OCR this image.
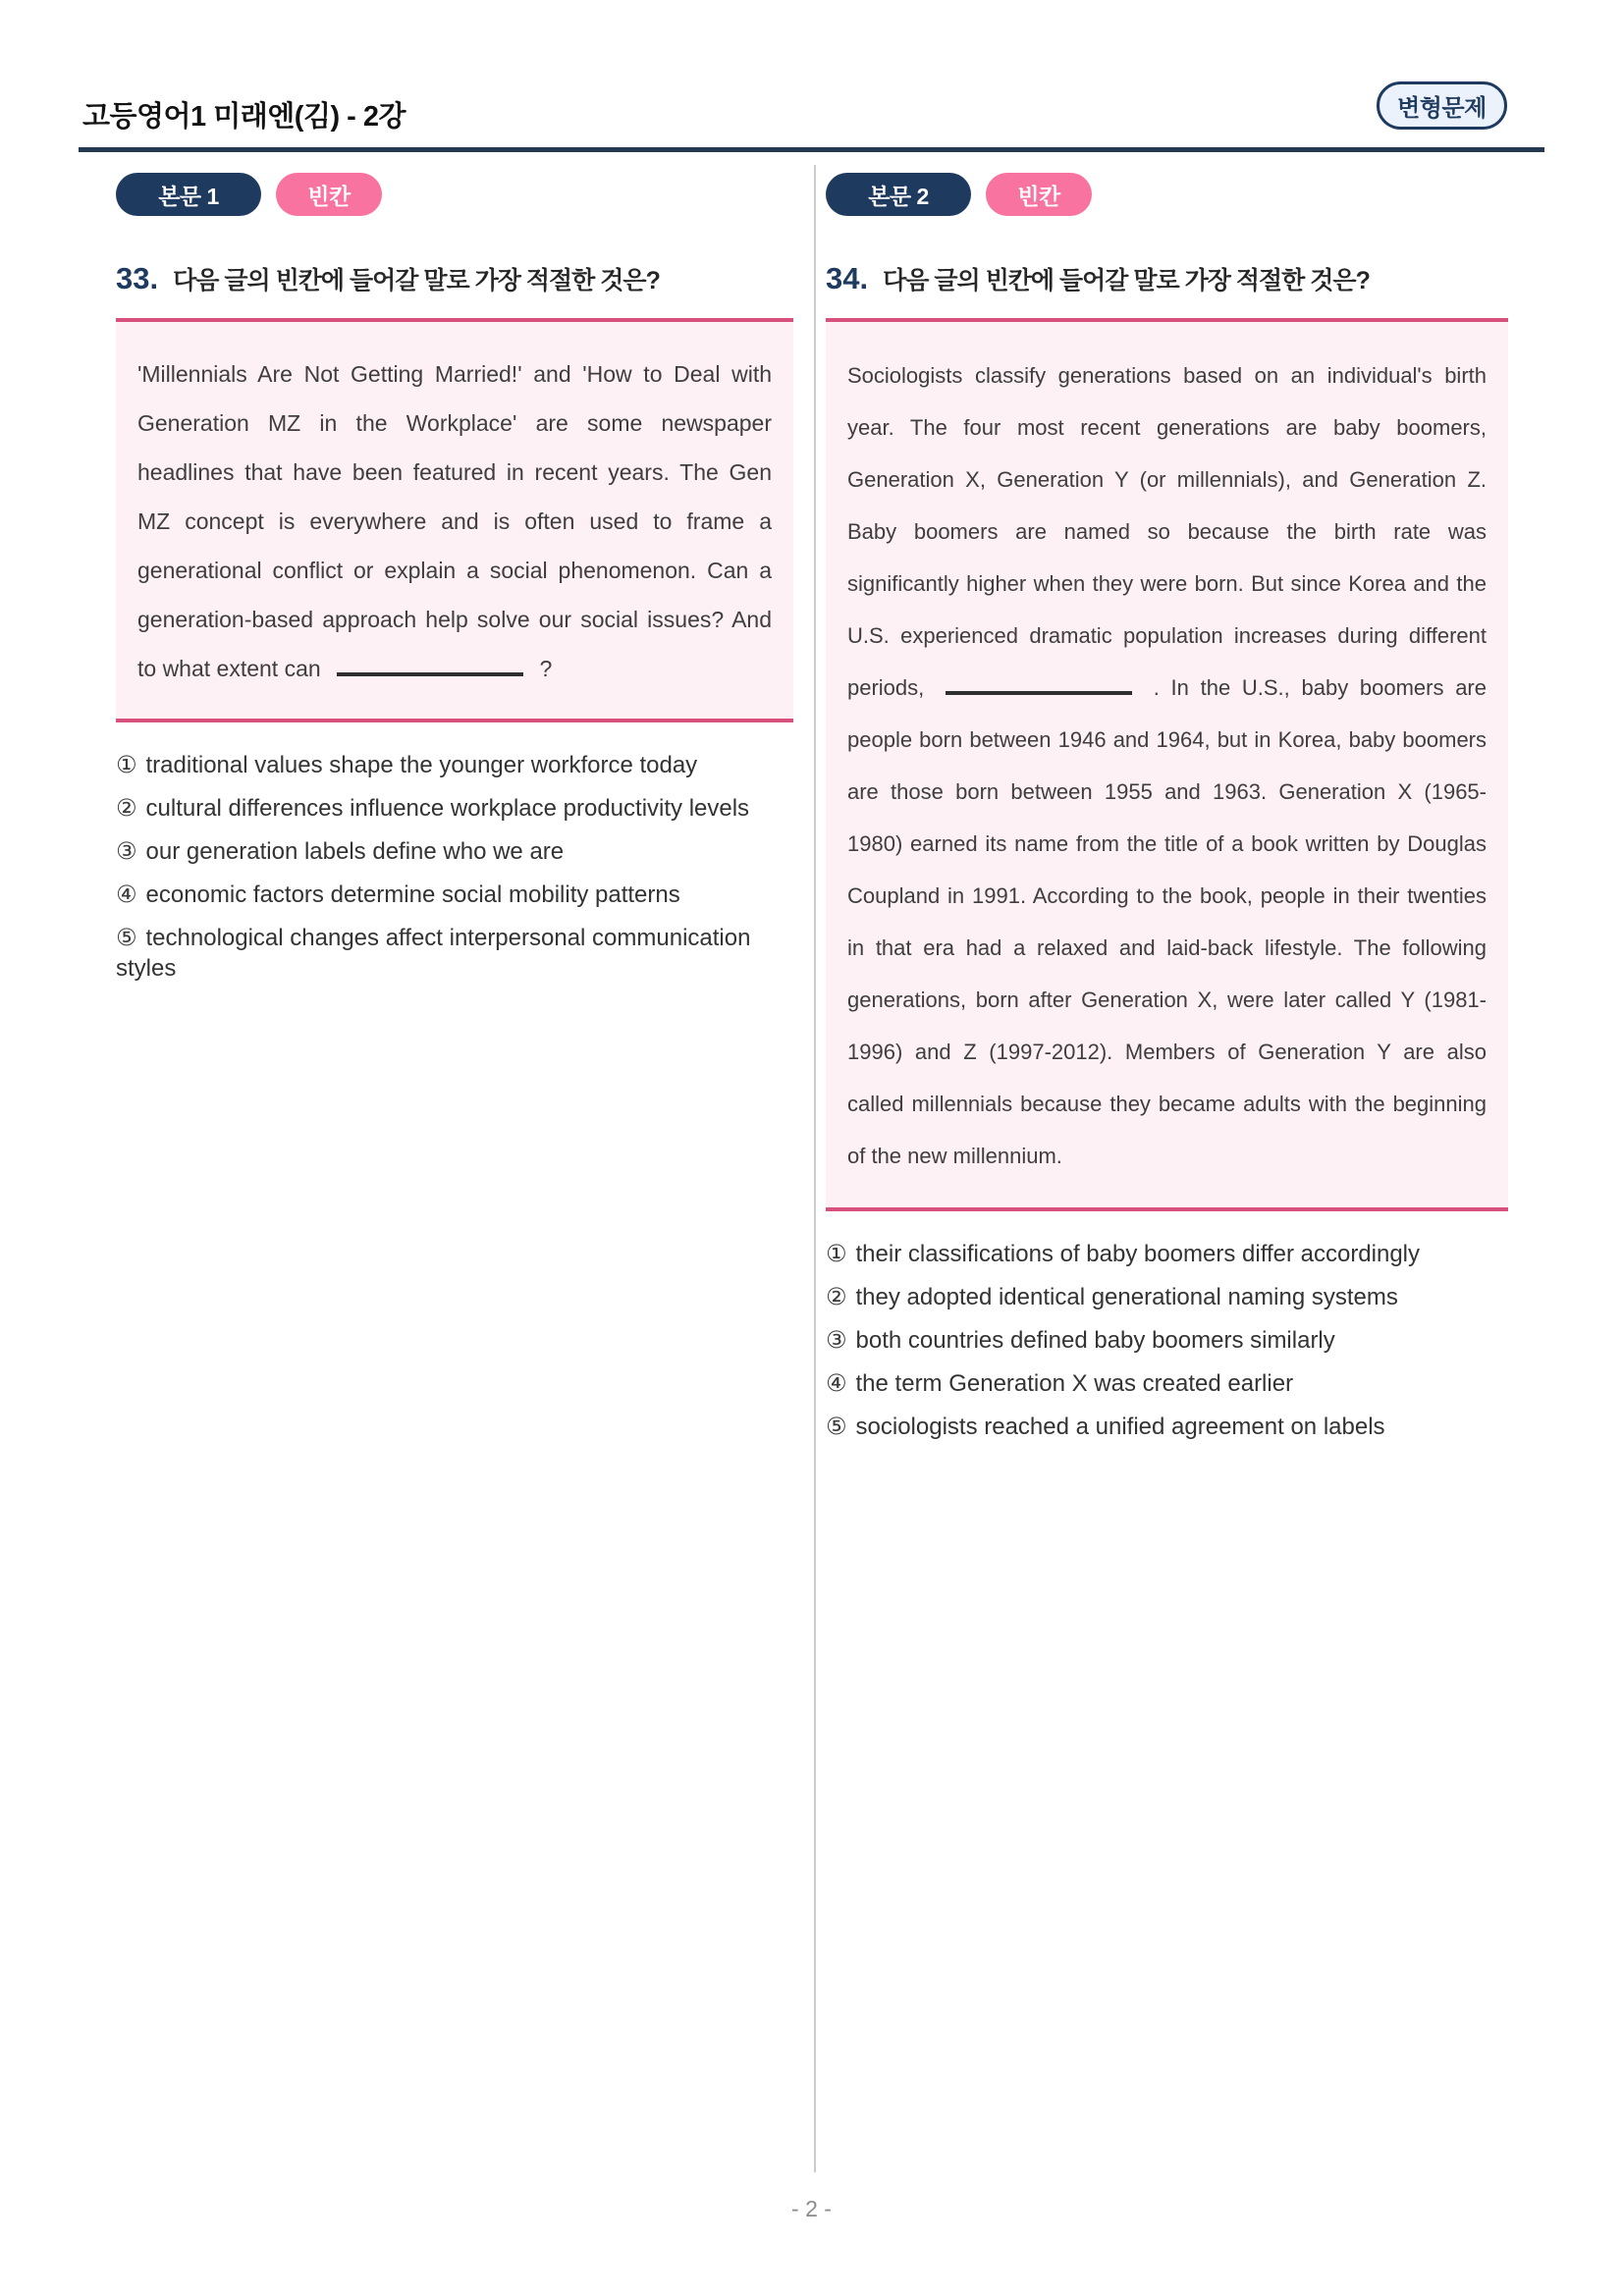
고등영어1 미래엔(김) - 2강	변형문제
본문 1	빈칸
33. 다음 글의 빈칸에 들어갈 말로 가장 적절한 것은?
'Millennials Are Not Getting Married!' and 'How to Deal with Generation MZ in the Workplace' are some newspaper headlines that have been featured in recent years. The Gen MZ concept is everywhere and is often used to frame a generational conflict or explain a social phenomenon. Can a generation-based approach help solve our social issues? And to what extent can	?
① traditional values shape the younger workforce today
② cultural differences influence workplace productivity levels
③ our generation labels define who we are
④ economic factors determine social mobility patterns
⑤ technological changes affect interpersonal communication styles
본문 2	빈칸
34. 다음 글의 빈칸에 들어갈 말로 가장 적절한 것은?
Sociologists classify generations based on an individual's birth year. The four most recent generations are baby boomers, Generation X, Generation Y (or millennials), and Generation Z. Baby boomers are named so because the birth rate was significantly higher when they were born. But since Korea and the U.S. experienced dramatic population increases during different periods,	. In the U.S., baby boomers are people born between 1946 and 1964, but in Korea, baby boomers are those born between 1955 and 1963. Generation X (1965-1980) earned its name from the title of a book written by Douglas Coupland in 1991. According to the book, people in their twenties in that era had a relaxed and laid-back lifestyle. The following generations, born after Generation X, were later called Y (1981-1996) and Z (1997-2012). Members of Generation Y are also called millennials because they became adults with the beginning of the new millennium.
① their classifications of baby boomers differ accordingly
② they adopted identical generational naming systems
③ both countries defined baby boomers similarly
④ the term Generation X was created earlier
⑤ sociologists reached a unified agreement on labels
- 2 -
